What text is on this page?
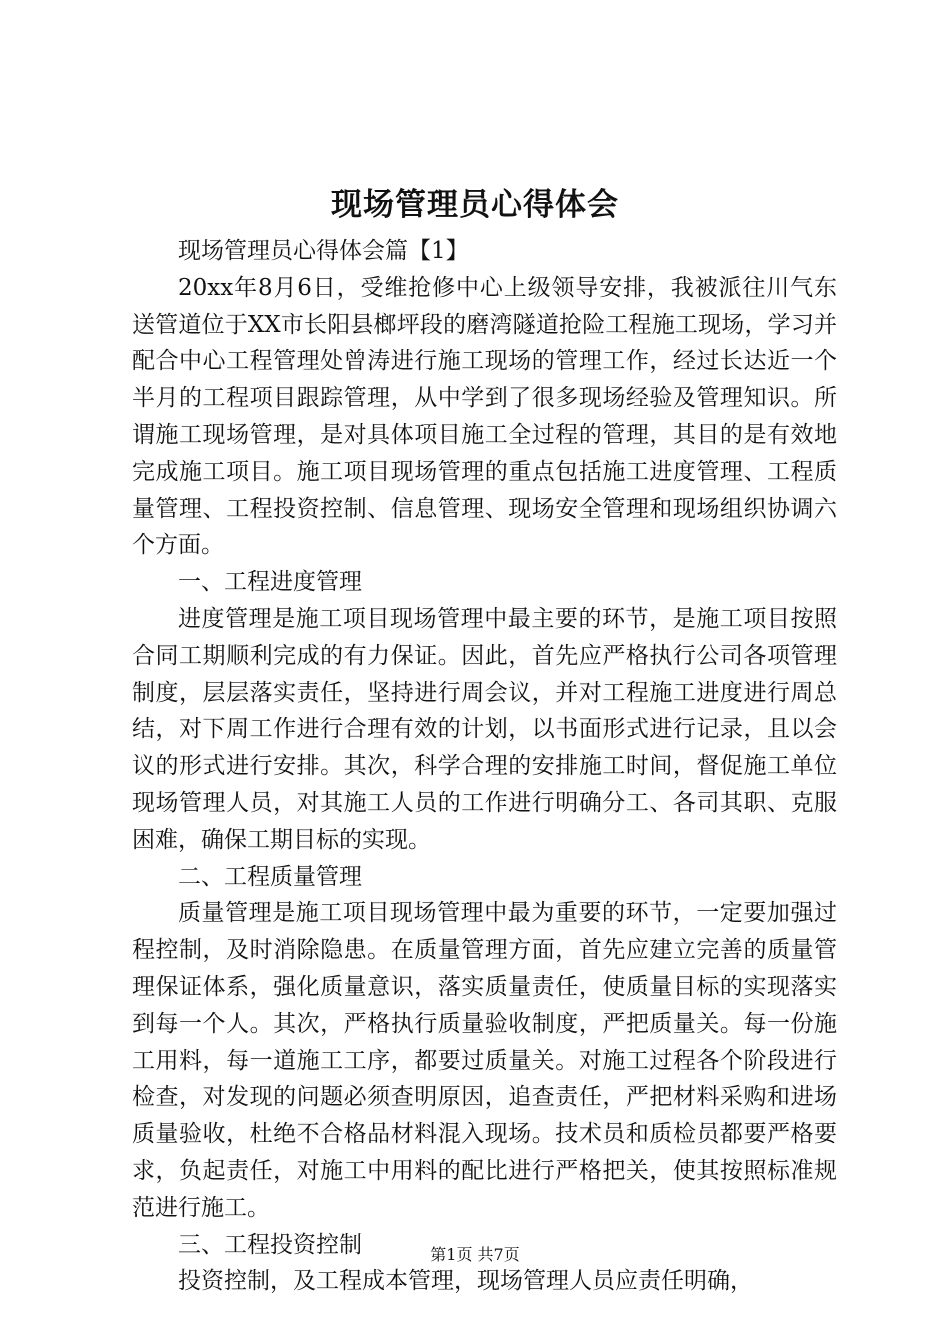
现场管理员心得体会

现场管理员心得体会篇【1】

20xx年8月6日，受维抢修中心上级领导安排，我被派往川气东送管道位于XX市长阳县榔坪段的磨湾隧道抢险工程施工现场，学习并配合中心工程管理处曾涛进行施工现场的管理工作，经过长达近一个半月的工程项目跟踪管理，从中学到了很多现场经验及管理知识。所谓施工现场管理，是对具体项目施工全过程的管理，其目的是有效地完成施工项目。施工项目现场管理的重点包括施工进度管理、工程质量管理、工程投资控制、信息管理、现场安全管理和现场组织协调六个方面。

一、工程进度管理

进度管理是施工项目现场管理中最主要的环节，是施工项目按照合同工期顺利完成的有力保证。因此，首先应严格执行公司各项管理制度，层层落实责任，坚持进行周会议，并对工程施工进度进行周总结，对下周工作进行合理有效的计划，以书面形式进行记录，且以会议的形式进行安排。其次，科学合理的安排施工时间，督促施工单位现场管理人员，对其施工人员的工作进行明确分工、各司其职、克服困难，确保工期目标的实现。

二、工程质量管理

质量管理是施工项目现场管理中最为重要的环节，一定要加强过程控制，及时消除隐患。在质量管理方面，首先应建立完善的质量管理保证体系，强化质量意识，落实质量责任，使质量目标的实现落实到每一个人。其次，严格执行质量验收制度，严把质量关。每一份施工用料，每一道施工工序，都要过质量关。对施工过程各个阶段进行检查，对发现的问题必须查明原因，追查责任，严把材料采购和进场质量验收，杜绝不合格品材料混入现场。技术员和质检员都要严格要求，负起责任，对施工中用料的配比进行严格把关，使其按照标准规范进行施工。

三、工程投资控制

投资控制，及工程成本管理，现场管理人员应责任明确，

第1页 共7页
